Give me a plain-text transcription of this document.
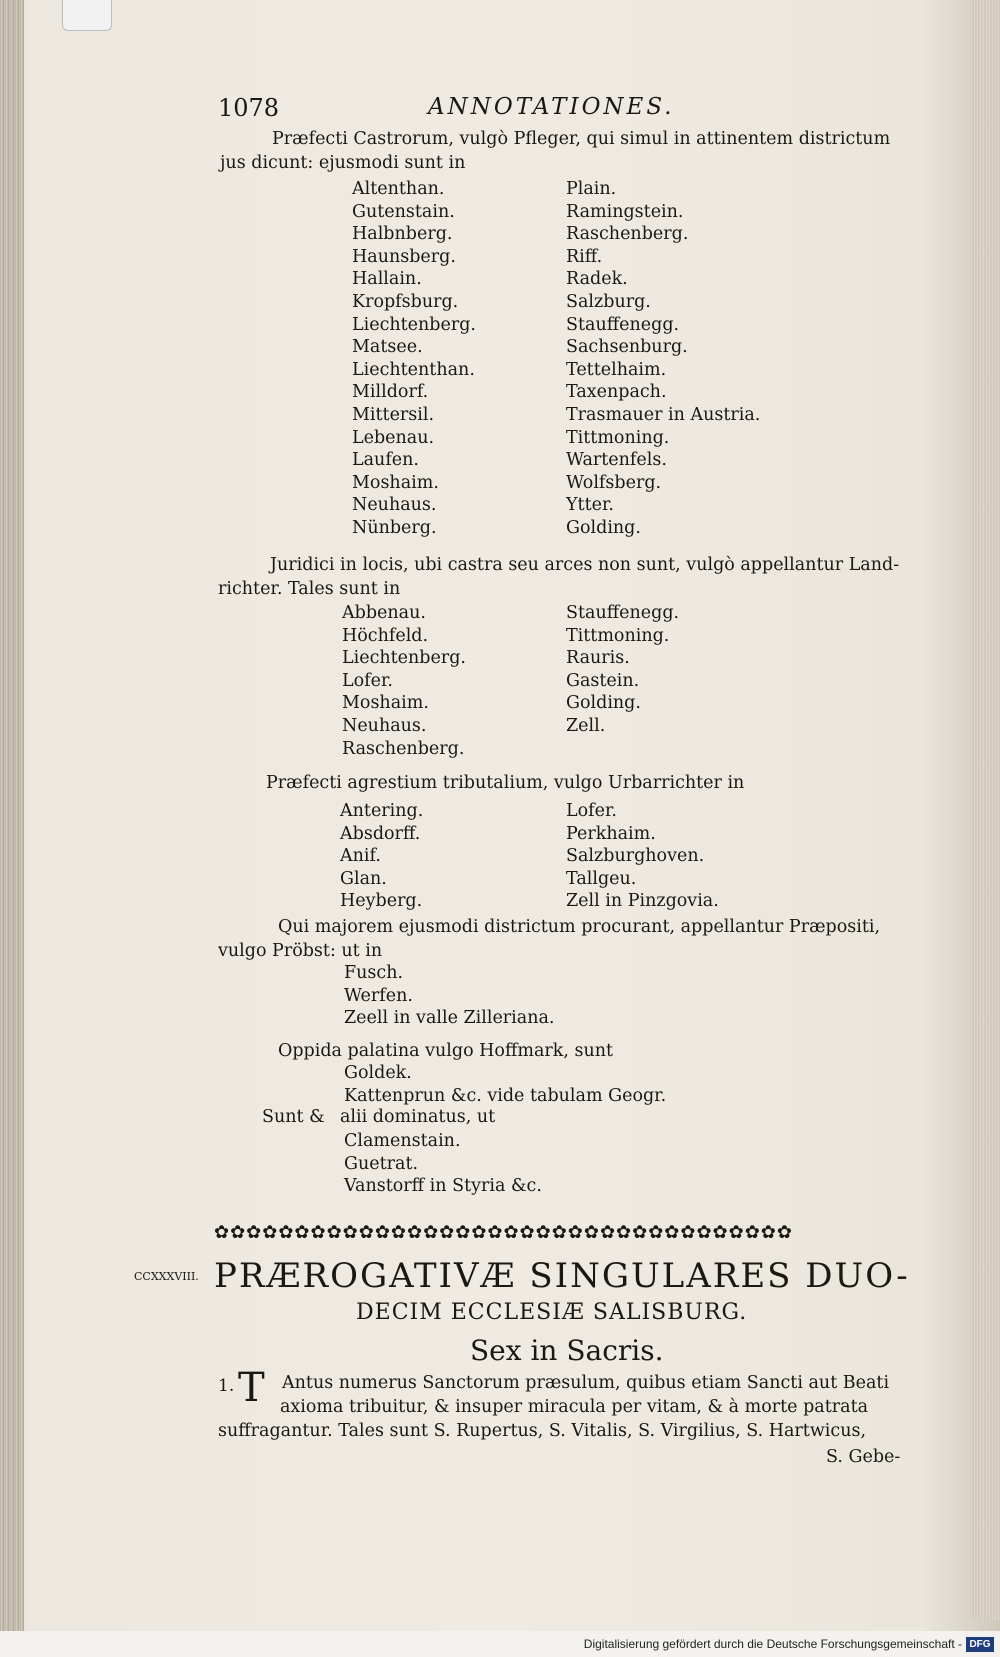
1078	ANNOTATIONES.
Præfecti Castrorum, vulgò Pfleger, qui simul in attinentem districtum
jus dicunt: ejusmodi sunt in
Altenthan.
Gutenstain.
Halbnberg.
Haunsberg.
Hallain.
Kropfsburg.
Liechtenberg.
Matsee.
Liechtenthan.
Milldorf.
Mittersil.
Lebenau.
Laufen.
Moshaim.
Neuhaus.
Nünberg.
Plain.
Ramingstein.
Raschenberg.
Riff.
Radek.
Salzburg.
Stauffenegg.
Sachsenburg.
Tettelhaim.
Taxenpach.
Trasmauer in Austria.
Tittmoning.
Wartenfels.
Wolfsberg.
Ytter.
Golding.
Juridici in locis, ubi castra seu arces non sunt, vulgò appellantur Land-
richter. Tales sunt in
Abbenau.
Höchfeld.
Liechtenberg.
Lofer.
Moshaim.
Neuhaus.
Raschenberg.
Stauffenegg.
Tittmoning.
Rauris.
Gastein.
Golding.
Zell.
Præfecti agrestium tributalium, vulgo Urbarrichter in
Antering.
Absdorff.
Anif.
Glan.
Heyberg.
Lofer.
Perkhaim.
Salzburghoven.
Tallgeu.
Zell in Pinzgovia.
Qui majorem ejusmodi districtum procurant, appellantur Præpositi,
vulgo Pröbst: ut in
Fusch.
Werfen.
Zeell in valle Zilleriana.
Oppida palatina vulgo Hoffmark, sunt
Goldek.
Kattenprun &c. vide tabulam Geogr.
Sunt & alii dominatus, ut
Clamenstain.
Guetrat.
Vanstorff in Styria &c.
✿✿✿✿✿✿✿✿✿✿✿✿✿✿✿✿✿✿✿✿✿✿✿✿✿✿✿✿✿✿✿✿✿✿✿✿
CCXXXVIII. PRÆROGATIVÆ SINGULARES DUO-
DECIM ECCLESIÆ SALISBURG.
Sex in Sacris.
1. T Antus numerus Sanctorum præsulum, quibus etiam Sancti aut Beati
axioma tribuitur, & insuper miracula per vitam, & à morte patrata
suffragantur. Tales sunt S. Rupertus, S. Vitalis, S. Virgilius, S. Hartwicus,
S. Gebe-
Digitalisierung gefördert durch die Deutsche Forschungsgemeinschaft - DFG
